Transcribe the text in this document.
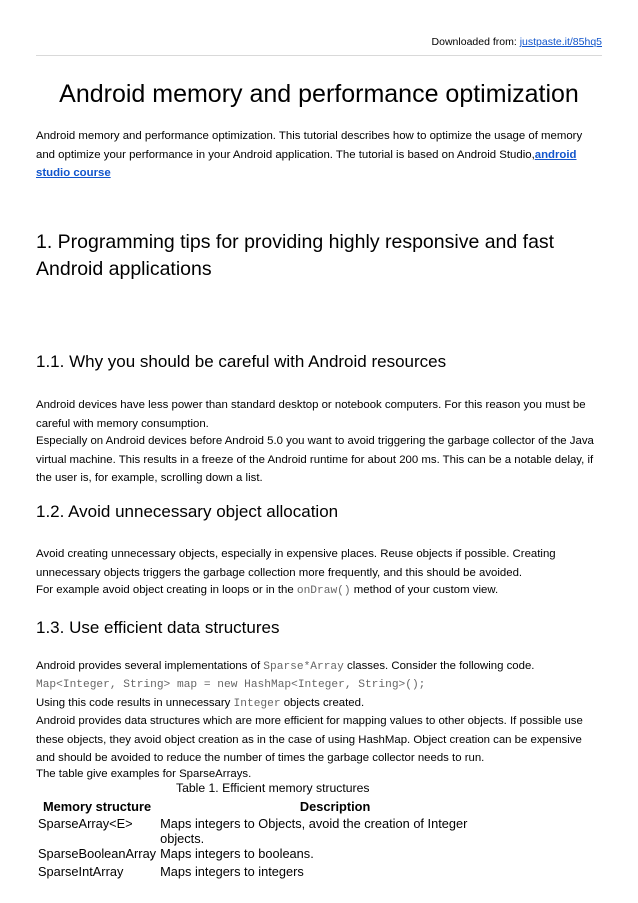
Downloaded from: justpaste.it/85hq5
Android memory and performance optimization

Android memory and performance optimization. This tutorial describes how to optimize the usage of memory and optimize your performance in your Android application. The tutorial is based on Android Studio,android studio course

1. Programming tips for providing highly responsive and fast Android applications
1.1. Why you should be careful with Android resources

Android devices have less power than standard desktop or notebook computers. For this reason you must be careful with memory consumption.

Especially on Android devices before Android 5.0 you want to avoid triggering the garbage collector of the Java virtual machine. This results in a freeze of the Android runtime for about 200 ms. This can be a notable delay, if the user is, for example, scrolling down a list.

1.2. Avoid unnecessary object allocation

Avoid creating unnecessary objects, especially in expensive places. Reuse objects if possible. Creating unnecessary objects triggers the garbage collection more frequently, and this should be avoided.

For example avoid object creating in loops or in the onDraw() method of your custom view.

1.3. Use efficient data structures

Android provides several implementations of Sparse*Array classes. Consider the following code.

Map<Integer, String> map = new HashMap<Integer, String>();

Using this code results in unnecessary Integer objects created.

Android provides data structures which are more efficient for mapping values to other objects. If possible use these objects, they avoid object creation as in the case of using HashMap. Object creation can be expensive and should be avoided to reduce the number of times the garbage collector needs to run.

The table give examples for SparseArrays.

Table 1. Efficient memory structures
Memory structure	Description
SparseArray<E>	Maps integers to Objects, avoid the creation of Integer objects.
SparseBooleanArray	Maps integers to booleans.
SparseIntArray	Maps integers to integers
